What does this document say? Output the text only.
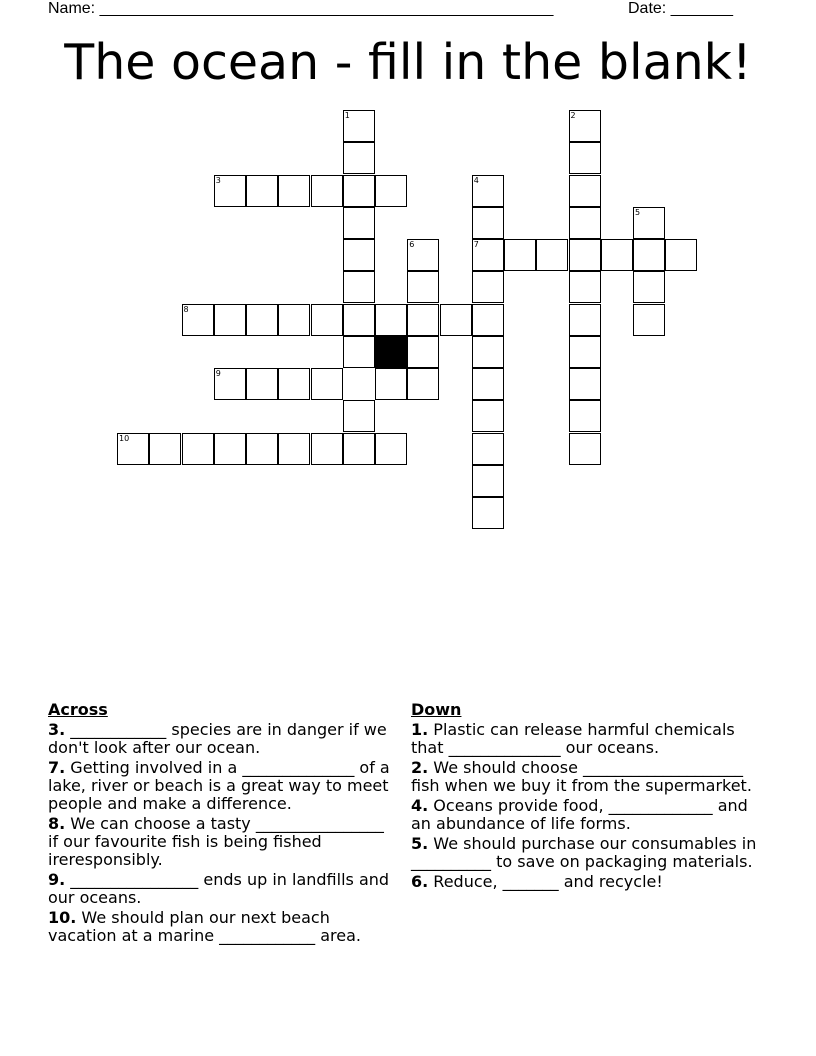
Name: ___________________________________________________	Date: _______
The ocean - fill in the blank!
1	2
3	4
7
5
6
8
9
10
Across
3. ____________ species are in danger if we don't look after our ocean.
7. Getting involved in a ______________ of a lake, river or beach is a great way to meet people and make a difference.
8. We can choose a tasty ________________ if our favourite fish is being fished ireresponsibly.
9. ________________ ends up in landfills and our oceans.
10. We should plan our next beach vacation at a marine ____________ area.
Down
1. Plastic can release harmful chemicals that ______________ our oceans.
2. We should choose ____________________ fish when we buy it from the supermarket.
4. Oceans provide food, _____________ and an abundance of life forms.
5. We should purchase our consumables in __________ to save on packaging materials.
6. Reduce, _______ and recycle!
